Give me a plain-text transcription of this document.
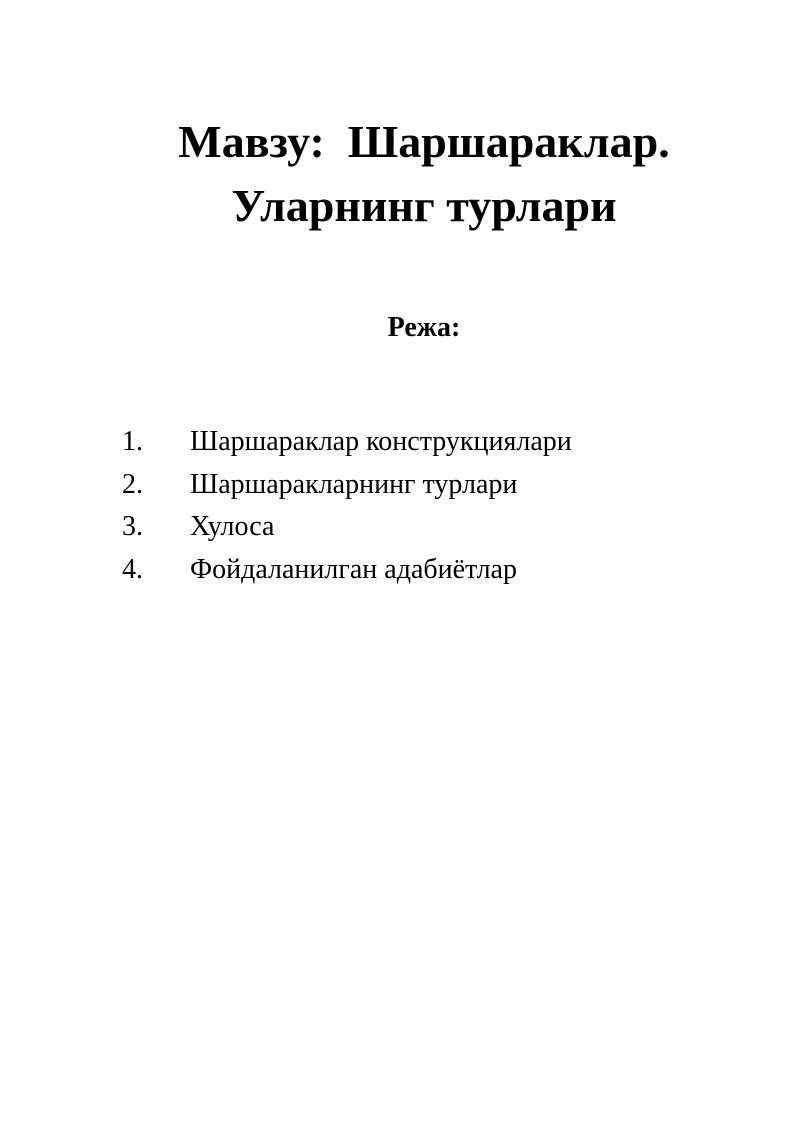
Мавзу:  Шаршараклар.
Уларнинг турлари
Режа:
1.	Шаршараклар конструкциялари
2.	Шаршаракларнинг турлари
3.	Хулоса
4.	Фойдаланилган адабиётлар
